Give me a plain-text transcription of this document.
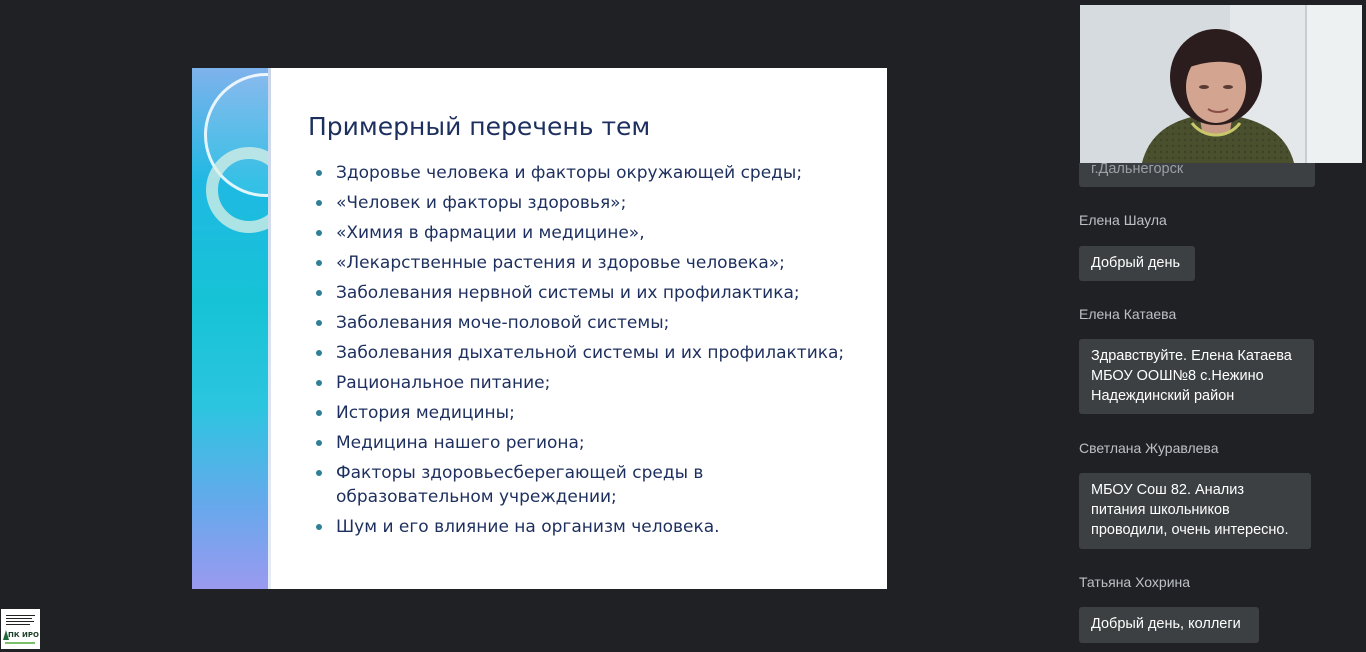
Примерный перечень тем
Здоровье человека и факторы окружающей среды;
«Человек и факторы здоровья»;
«Химия в фармации и медицине»,
«Лекарственные растения и здоровье человека»;
Заболевания нервной системы и их профилактика;
Заболевания моче-половой системы;
Заболевания дыхательной системы и их профилактика;
Рациональное питание;
История медицины;
Медицина нашего региона;
Факторы здоровьесберегающей среды в образовательном учреждении;
Шум и его влияние на организм человека.
г.Дальнегорск
Елена Шаула
Добрый день
Елена Катаева
Здравствуйте. Елена Катаева
МБОУ ООШ№8 с.Нежино
Надеждинский район
Светлана Журавлева
МБОУ Сош 82. Анализ
питания школьников
проводили, очень интересно.
Татьяна Хохрина
Добрый день, коллеги
ПК ИРО
